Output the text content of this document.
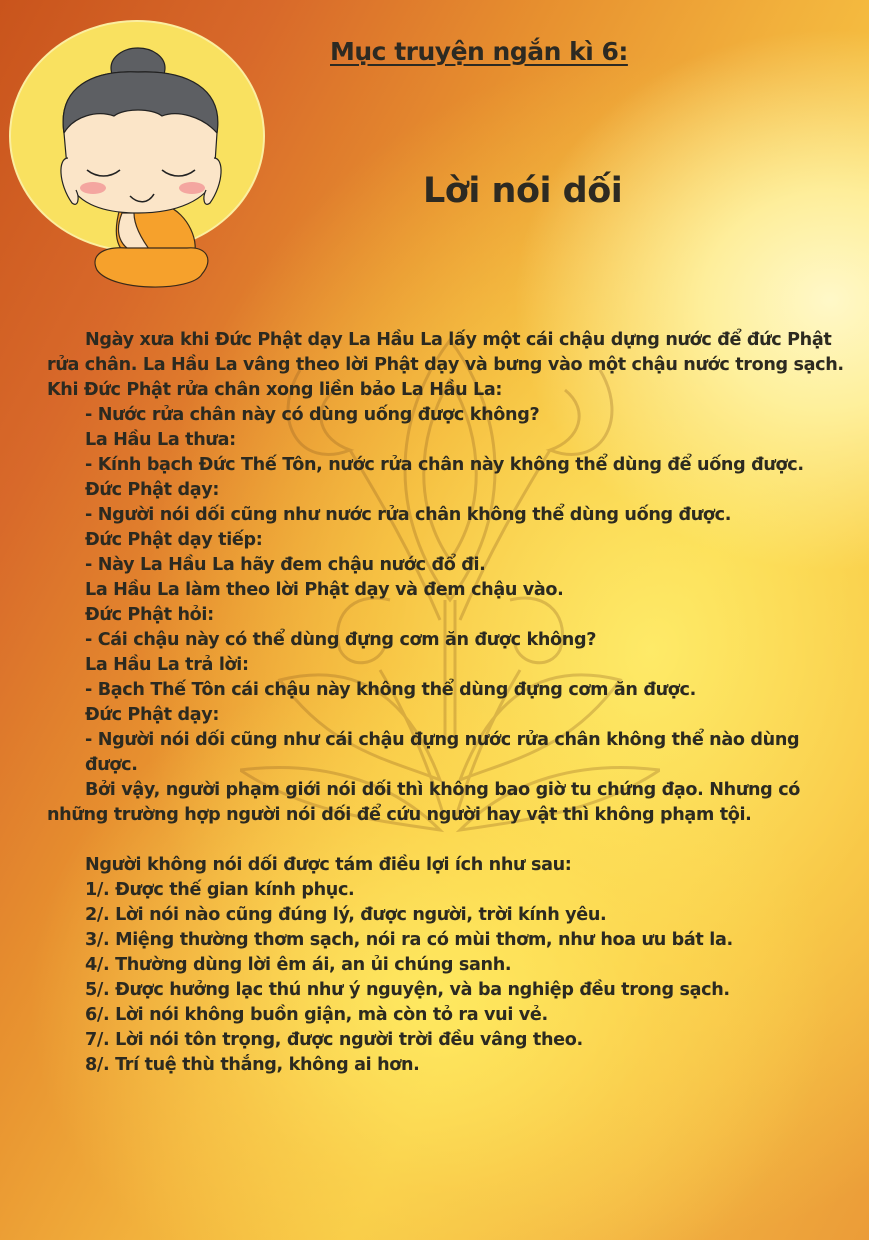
Mục truyện ngắn kì 6:
Lời nói dối

Ngày xưa khi Đức Phật dạy La Hầu La lấy một cái chậu dựng nước để đức Phật rửa chân. La Hầu La vâng theo lời Phật dạy và bưng vào một chậu nước trong sạch. Khi Đức Phật rửa chân xong liền bảo La Hầu La:

- Nước rửa chân này có dùng uống được không?

La Hầu La thưa:

- Kính bạch Đức Thế Tôn, nước rửa chân này không thể dùng để uống được.

Đức Phật dạy:

- Người nói dối cũng như nước rửa chân không thể dùng uống được.

Đức Phật dạy tiếp:

- Này La Hầu La hãy đem chậu nước đổ đi.

La Hầu La làm theo lời Phật dạy và đem chậu vào.

Đức Phật hỏi:

- Cái chậu này có thể dùng đựng cơm ăn được không?

La Hầu La trả lời:

- Bạch Thế Tôn cái chậu này không thể dùng đựng cơm ăn được.

Đức Phật dạy:

- Người nói dối cũng như cái chậu đựng nước rửa chân không thể nào dùng được.

Bởi vậy, người phạm giới nói dối thì không bao giờ tu chứng đạo. Nhưng có những trường hợp người nói dối để cứu người hay vật thì không phạm tội.

Người không nói dối được tám điều lợi ích như sau:

1/. Được thế gian kính phục.

2/. Lời nói nào cũng đúng lý, được người, trời kính yêu.

3/. Miệng thường thơm sạch, nói ra có mùi thơm, như hoa ưu bát la.

4/. Thường dùng lời êm ái, an ủi chúng sanh.

5/. Được hưởng lạc thú như ý nguyện, và ba nghiệp đều trong sạch.

6/. Lời nói không buồn giận, mà còn tỏ ra vui vẻ.

7/. Lời nói tôn trọng, được người trời đều vâng theo.

8/. Trí tuệ thù thắng, không ai hơn.
